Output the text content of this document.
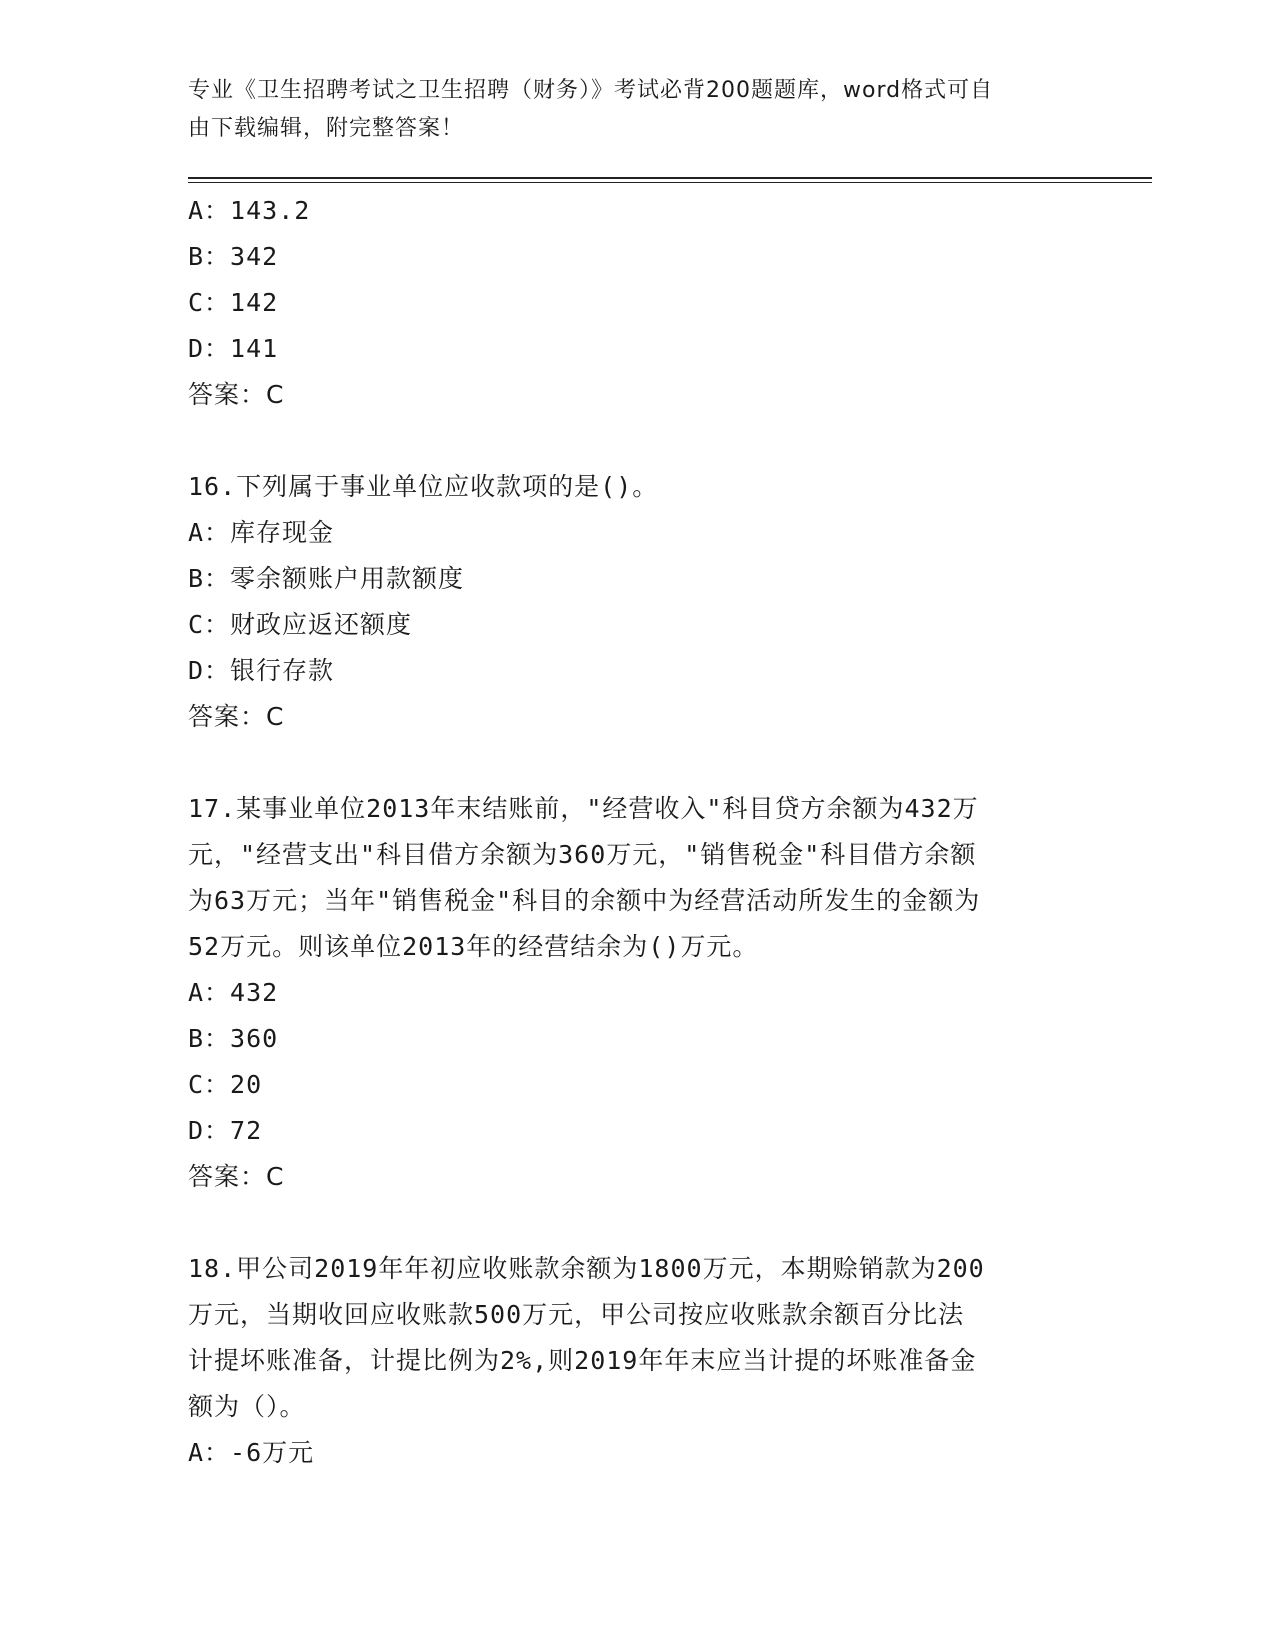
专业《卫生招聘考试之卫生招聘（财务）》考试必背200题题库，word格式可自
由下载编辑，附完整答案！
A：143.2
B：342
C：142
D：141
答案：C
16.下列属于事业单位应收款项的是()。
A：库存现金
B：零余额账户用款额度
C：财政应返还额度
D：银行存款
答案：C
17.某事业单位2013年末结账前，"经营收入"科目贷方余额为432万
元，"经营支出"科目借方余额为360万元，"销售税金"科目借方余额
为63万元；当年"销售税金"科目的余额中为经营活动所发生的金额为
52万元。则该单位2013年的经营结余为()万元。
A：432
B：360
C：20
D：72
答案：C
18.甲公司2019年年初应收账款余额为1800万元，本期赊销款为200
万元，当期收回应收账款500万元，甲公司按应收账款余额百分比法
计提坏账准备，计提比例为2%,则2019年年末应当计提的坏账准备金
额为（）。
A：-6万元
